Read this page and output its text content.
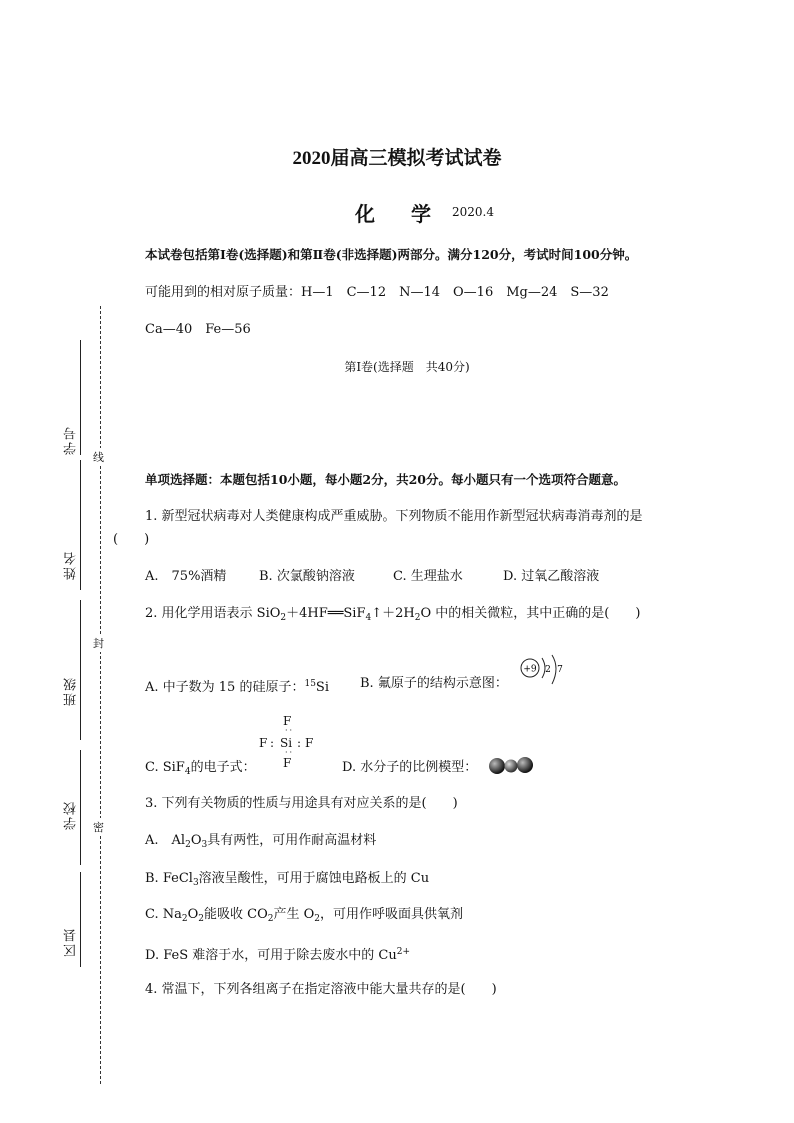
2020届高三模拟考试试卷
化 学 2020.4
本试卷包括第Ⅰ卷(选择题)和第Ⅱ卷(非选择题)两部分。满分120分，考试时间100分钟。
可能用到的相对原子质量：H—1　C—12　N—14　O—16　Mg—24　S—32
Ca—40　Fe—56
第Ⅰ卷(选择题　共40分)
单项选择题：本题包括10小题，每小题2分，共20分。每小题只有一个选项符合题意。
学号
姓名
班级
学校
区县
线
封
密
1. 新型冠状病毒对人类健康构成严重威胁。下列物质不能用作新型冠状病毒消毒剂的是
(　　)
A.　75%酒精	B. 次氯酸钠溶液	C. 生理盐水	D. 过氧乙酸溶液
2. 用化学用语表示 $SiO_2+4HF══SiF_4↑+2H_2O$ 中的相关微粒，其中正确的是(　　)
A. 中子数为 15 的硅原子：$^{15}$Si B. 氟原子的结构示意图：
+9 2 7
F
··
F : Si : F
··
F
C. SiF$_4$的电子式：	D. 水分子的比例模型：
3. 下列有关物质的性质与用途具有对应关系的是(　　)
A.　$Al_2O_3$具有两性，可用作耐高温材料
B. FeCl$_3$溶液呈酸性，可用于腐蚀电路板上的 Cu
C. $Na_2O_2$能吸收 $CO_2$产生 $O_2$，可用作呼吸面具供氧剂
D. FeS 难溶于水，可用于除去废水中的 $Cu^{2+}$
4. 常温下，下列各组离子在指定溶液中能大量共存的是(　　)
